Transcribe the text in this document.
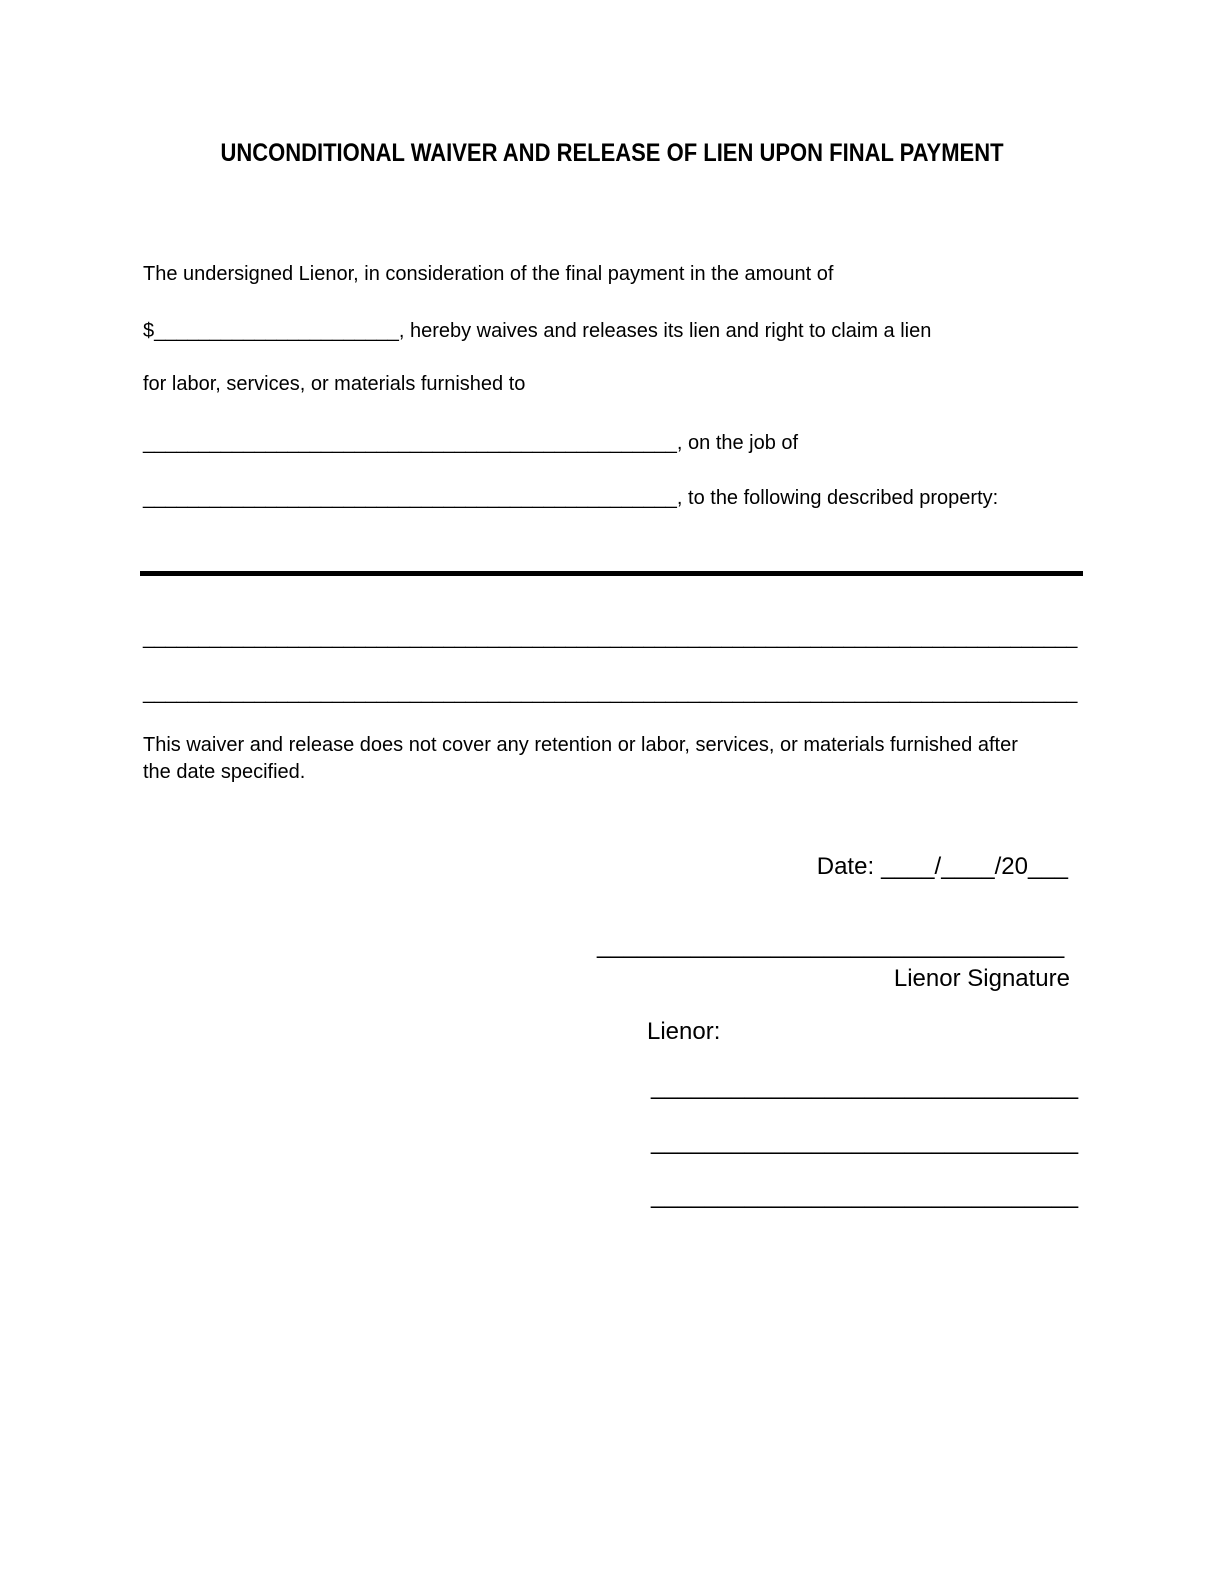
UNCONDITIONAL WAIVER AND RELEASE OF LIEN UPON FINAL PAYMENT

The undersigned Lienor, in consideration of the final payment in the amount of

$______________________, hereby waives and releases its lien and right to claim a lien

for labor, services, or materials furnished to

________________________________________________, on the job of

________________________________________________, to the following described property:

____________________________________________________________________________________

____________________________________________________________________________________

This waiver and release does not cover any retention or labor, services, or materials furnished after the date specified.

Date: ____/____/20___
___________________________________
Lienor Signature
Lienor:
________________________________
________________________________
________________________________
